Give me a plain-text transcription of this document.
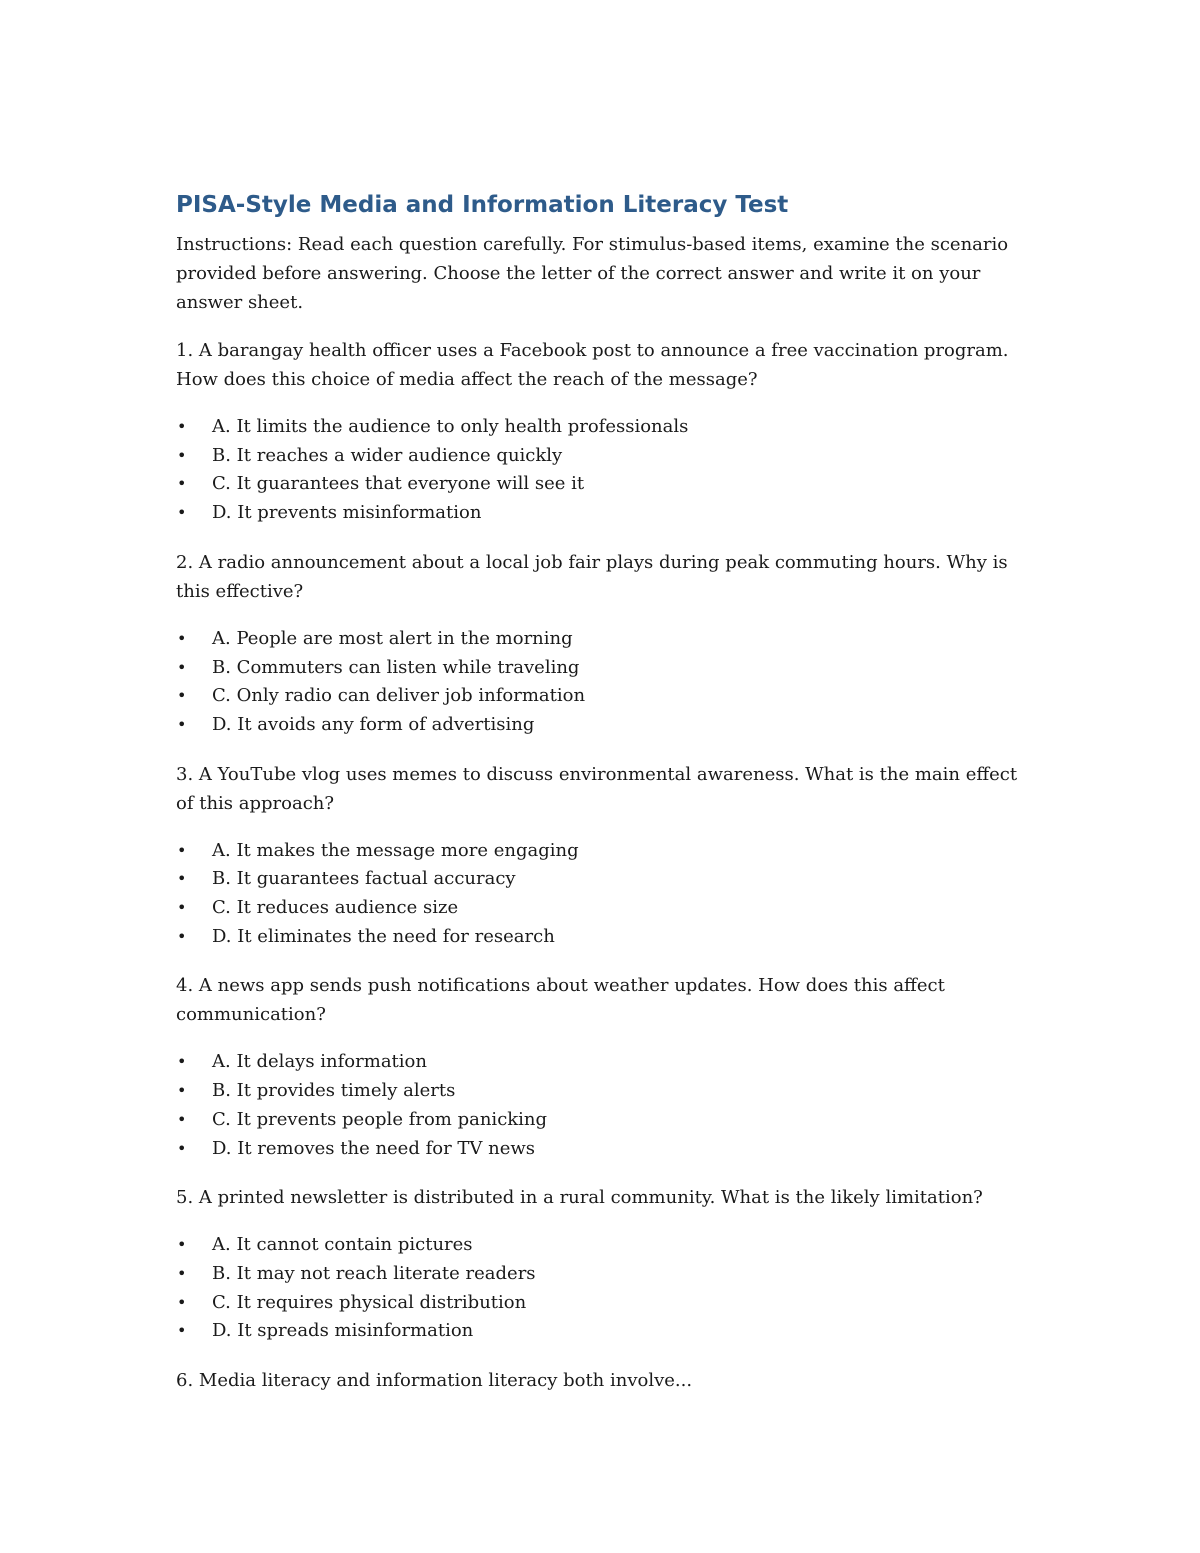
PISA-Style Media and Information Literacy Test

Instructions: Read each question carefully. For stimulus-based items, examine the scenario provided before answering. Choose the letter of the correct answer and write it on your answer sheet.

1. A barangay health officer uses a Facebook post to announce a free vaccination program. How does this choice of media affect the reach of the message?

• A. It limits the audience to only health professionals
• B. It reaches a wider audience quickly
• C. It guarantees that everyone will see it
• D. It prevents misinformation

2. A radio announcement about a local job fair plays during peak commuting hours. Why is this effective?

• A. People are most alert in the morning
• B. Commuters can listen while traveling
• C. Only radio can deliver job information
• D. It avoids any form of advertising

3. A YouTube vlog uses memes to discuss environmental awareness. What is the main effect of this approach?

• A. It makes the message more engaging
• B. It guarantees factual accuracy
• C. It reduces audience size
• D. It eliminates the need for research

4. A news app sends push notifications about weather updates. How does this affect communication?

• A. It delays information
• B. It provides timely alerts
• C. It prevents people from panicking
• D. It removes the need for TV news

5. A printed newsletter is distributed in a rural community. What is the likely limitation?

• A. It cannot contain pictures
• B. It may not reach literate readers
• C. It requires physical distribution
• D. It spreads misinformation

6. Media literacy and information literacy both involve...
